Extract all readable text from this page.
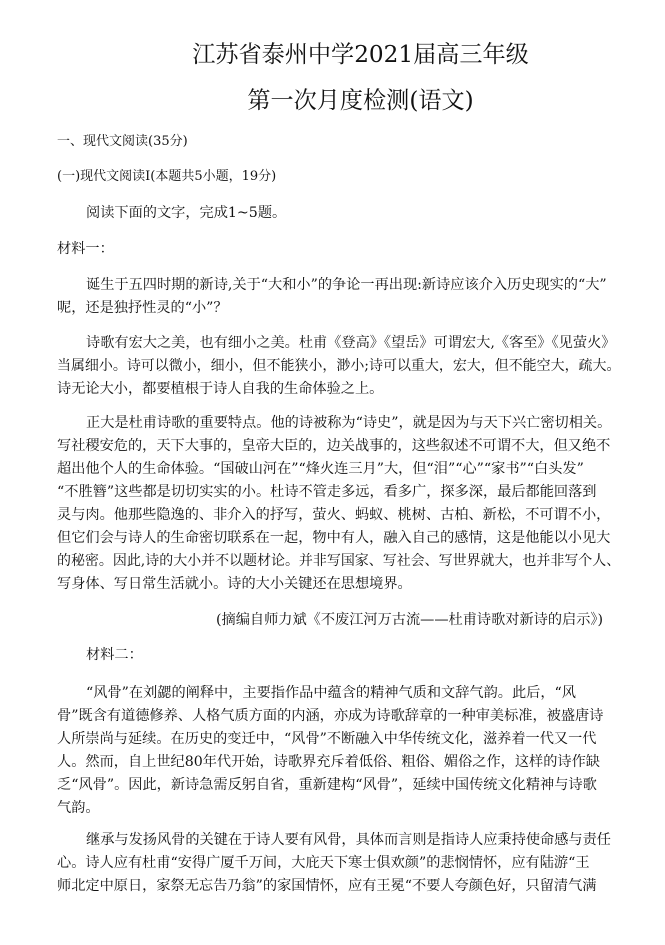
江苏省泰州中学2021届高三年级
第一次月度检测(语文)
一、现代文阅读(35分)
(一)现代文阅读Ⅰ(本题共5小题，19分)
阅读下面的文字，完成1~5题。
材料一：
诞生于五四时期的新诗,关于“大和小”的争论一再出现:新诗应该介入历史现实的“大”
呢，还是独抒性灵的“小”？
诗歌有宏大之美，也有细小之美。杜甫《登高》《望岳》可谓宏大,《客至》《见萤火》
当属细小。诗可以微小，细小，但不能狭小，渺小;诗可以重大，宏大，但不能空大，疏大。
诗无论大小，都要植根于诗人自我的生命体验之上。
正大是杜甫诗歌的重要特点。他的诗被称为“诗史”，就是因为与天下兴亡密切相关。
写社稷安危的，天下大事的，皇帝大臣的，边关战事的，这些叙述不可谓不大，但又绝不
超出他个人的生命体验。“国破山河在”“烽火连三月”大，但“泪”“心”“家书”“白头发”
“不胜簪”这些都是切切实实的小。杜诗不管走多远，看多广，探多深，最后都能回落到
灵与肉。他那些隐逸的、非介入的抒写，萤火、蚂蚁、桃树、古柏、新松，不可谓不小，
但它们会与诗人的生命密切联系在一起，物中有人，融入自己的感情，这是他能以小见大
的秘密。因此,诗的大小并不以题材论。并非写国家、写社会、写世界就大，也并非写个人、
写身体、写日常生活就小。诗的大小关键还在思想境界。
(摘编自师力斌《不废江河万古流——杜甫诗歌对新诗的启示》)
材料二：
“风骨”在刘勰的阐释中，主要指作品中蕴含的精神气质和文辞气韵。此后，“风
骨”既含有道德修养、人格气质方面的内涵，亦成为诗歌辞章的一种审美标准，被盛唐诗
人所崇尚与延续。在历史的变迁中，“风骨”不断融入中华传统文化，滋养着一代又一代
人。然而，自上世纪80年代开始，诗歌界充斥着低俗、粗俗、媚俗之作，这样的诗作缺
乏“风骨”。因此，新诗急需反躬自省，重新建构“风骨”，延续中国传统文化精神与诗歌
气韵。
继承与发扬风骨的关键在于诗人要有风骨，具体而言则是指诗人应秉持使命感与责任
心。诗人应有杜甫“安得广厦千万间，大庇天下寒士俱欢颜”的悲悯情怀，应有陆游“王
师北定中原日，家祭无忘告乃翁”的家国情怀，应有王冕“不要人夸颜色好，只留清气满
